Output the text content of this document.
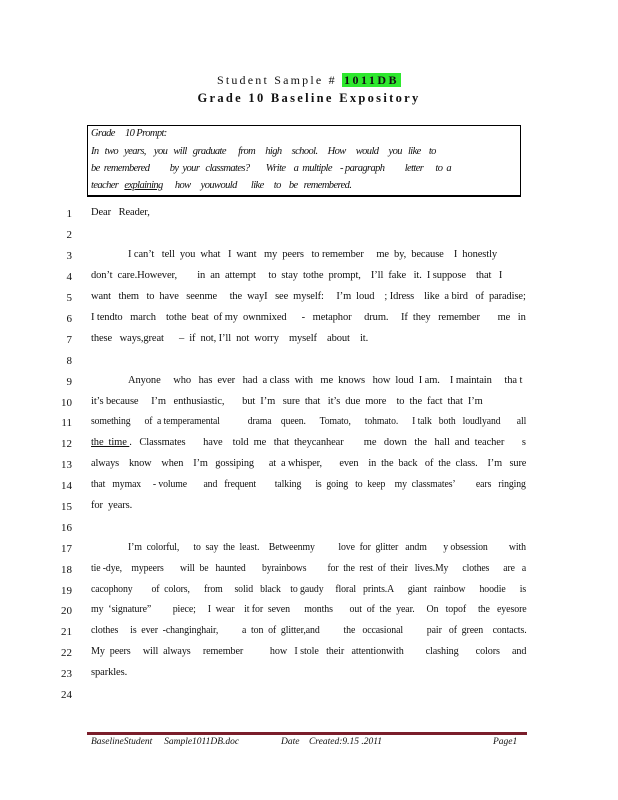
Student Sample # 1011DB
Grade 10 Baseline Expository
Grade     10 Prompt:
In   two   years,    you   will   graduate      from     high     school.     How     would     you   like    to
be  remembered          by  your   classmates?        Write    a  multiple    - paragraph          letter      to  a
teacher   explaining      how     youwould       like     to    be   remembered.
1 Dear   Reader,
2
3	I can’t   tell  you  what   I  want   my  peers   to remember     me  by,  because    I  honestly
4 don’t  care.However,        in  an  attempt     to  stay  tothe  prompt,    I’ll  fake   it.  I suppose    that   I
5 want   them   to  have   seenme     the  wayI   see  myself:     I’m  loud    ; Idress    like  a bird   of  paradise;
6 I tendto   march    tothe  beat  of my  ownmixed      -   metaphor     drum.     If  they   remember       me   in
7 these   ways,great      –  if  not, I’ll  not  worry    myself    about    it.
8
9	Anyone     who   has  ever   had  a class  with   me  knows   how  loud  I am.    I maintain     tha t
10 it’s because     I’m   enthusiastic,       but  I’m   sure  that   it’s  due  more    to  the  fact  that  I’m
11 something      of  a temperamental            drama    queen.      Tomato,      tohmato.      I talk   both   loudlyand       all
12 the  time .   Classmates       have    told  me   that  theycanhear        me   down   the   hall  and  teacher       s
13 always    know    when    I’m   gossiping      at  a whisper,       even    in  the  back   of  the  class.    I’m   sure
14 that   mymax     - volume       and   frequent        talking      is  going   to  keep    my  classmates’         ears   ringing
15 for  years.
16
17	I’m  colorful,      to  say  the  least.    Betweenmy          love  for  glitter   andm       y obsession         with
18 tie -dye,    mypeers       will  be   haunted       byrainbows         for  the  rest  of  their   lives.My      clothes      are   a
19 cacophony        of  colors,      from     solid   black    to gaudy     floral   prints.A      giant   rainbow      hoodie      is
20 my  ‘signature”         piece;     I  wear    it for  seven      months       out  of  the  year.     On   topof     the   eyesore
21 clothes     is  ever  -changinghair,          a  ton  of  glitter,and          the   occasional          pair   of  green    contacts.
22 My  peers     will  always     remember           how   I stole   their   attentionwith         clashing       colors     and
23 sparkles.
24
BaselineStudent     Sample1011DB.doc	Date    Created:9.15 .2011	Page1
